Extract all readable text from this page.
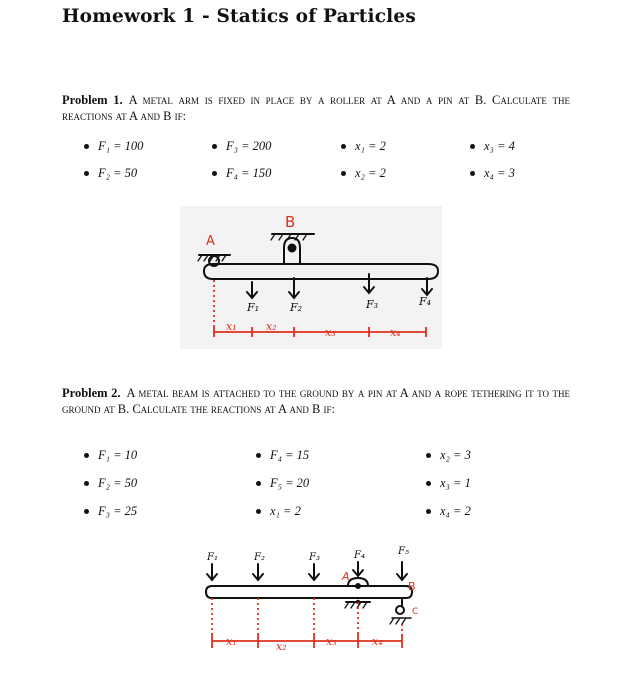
Homework 1 - Statics of Particles
Problem 1. A metal arm is fixed in place by a roller at A and a pin at B. Calculate the reactions at A and B if:
F₁ = 100	F₃ = 200	x₁ = 2	x₃ = 4
F₂ = 50	F₄ = 150	x₂ = 2	x₄ = 3
A
B
F₁	F₂	F₃	F₄
x₁	x₂	x₃	x₄
Problem 2. A metal beam is attached to the ground by a pin at A and a rope tethering it to the ground at B. Calculate the reactions at A and B if:
F₁ = 10	F₄ = 15	x₂ = 3
F₂ = 50	F₅ = 20	x₃ = 1
F₃ = 25	x₁ = 2	x₄ = 2
A
B
C
F₁	F₂	F₃	F₄	F₅
x₁	x₂	x₃	x₄
